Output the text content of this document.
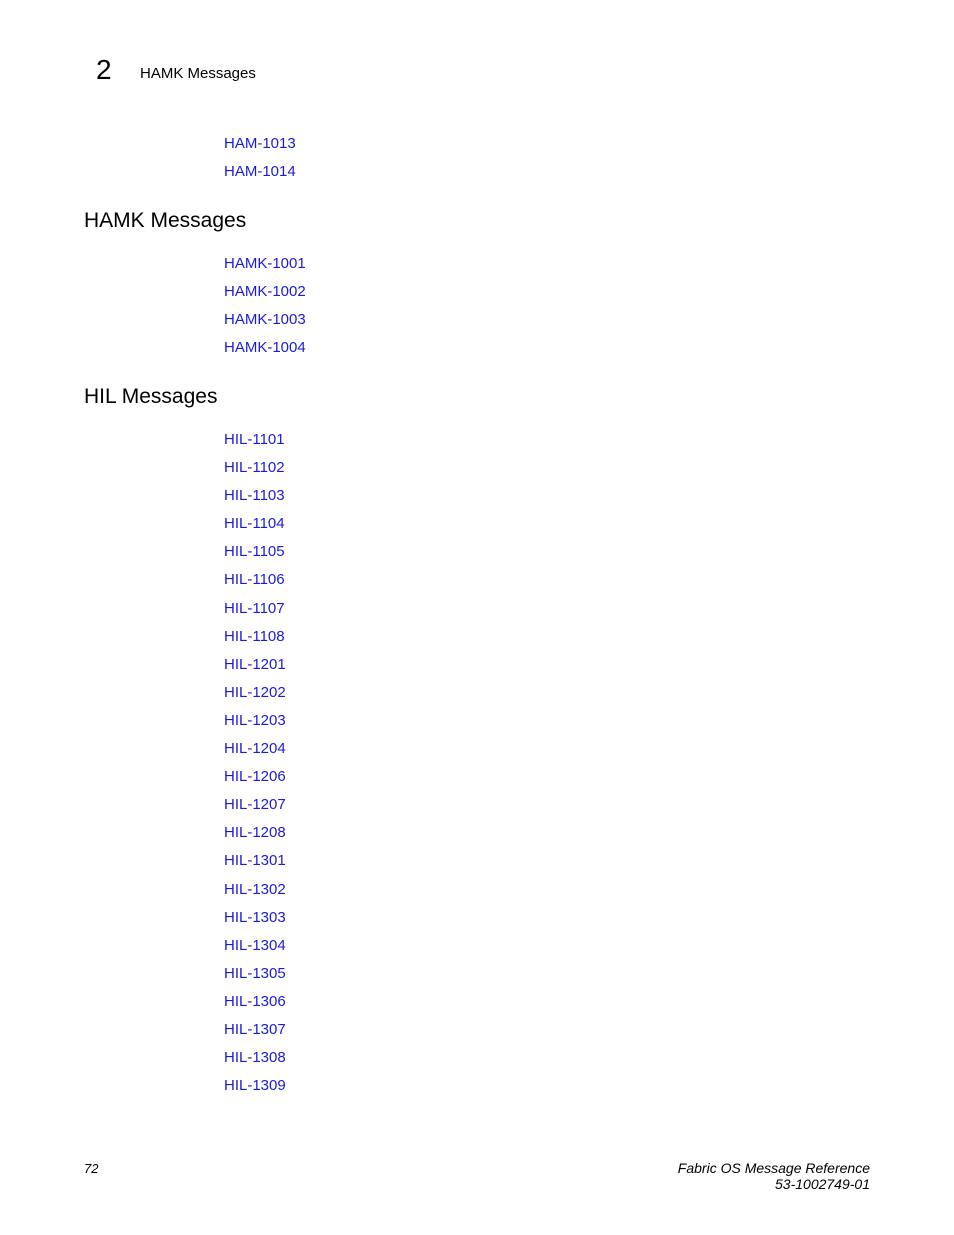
2 HAMK Messages
HAM-1013
HAM-1014
HAMK Messages
HAMK-1001
HAMK-1002
HAMK-1003
HAMK-1004
HIL Messages
HIL-1101
HIL-1102
HIL-1103
HIL-1104
HIL-1105
HIL-1106
HIL-1107
HIL-1108
HIL-1201
HIL-1202
HIL-1203
HIL-1204
HIL-1206
HIL-1207
HIL-1208
HIL-1301
HIL-1302
HIL-1303
HIL-1304
HIL-1305
HIL-1306
HIL-1307
HIL-1308
HIL-1309
72	Fabric OS Message Reference
53-1002749-01
